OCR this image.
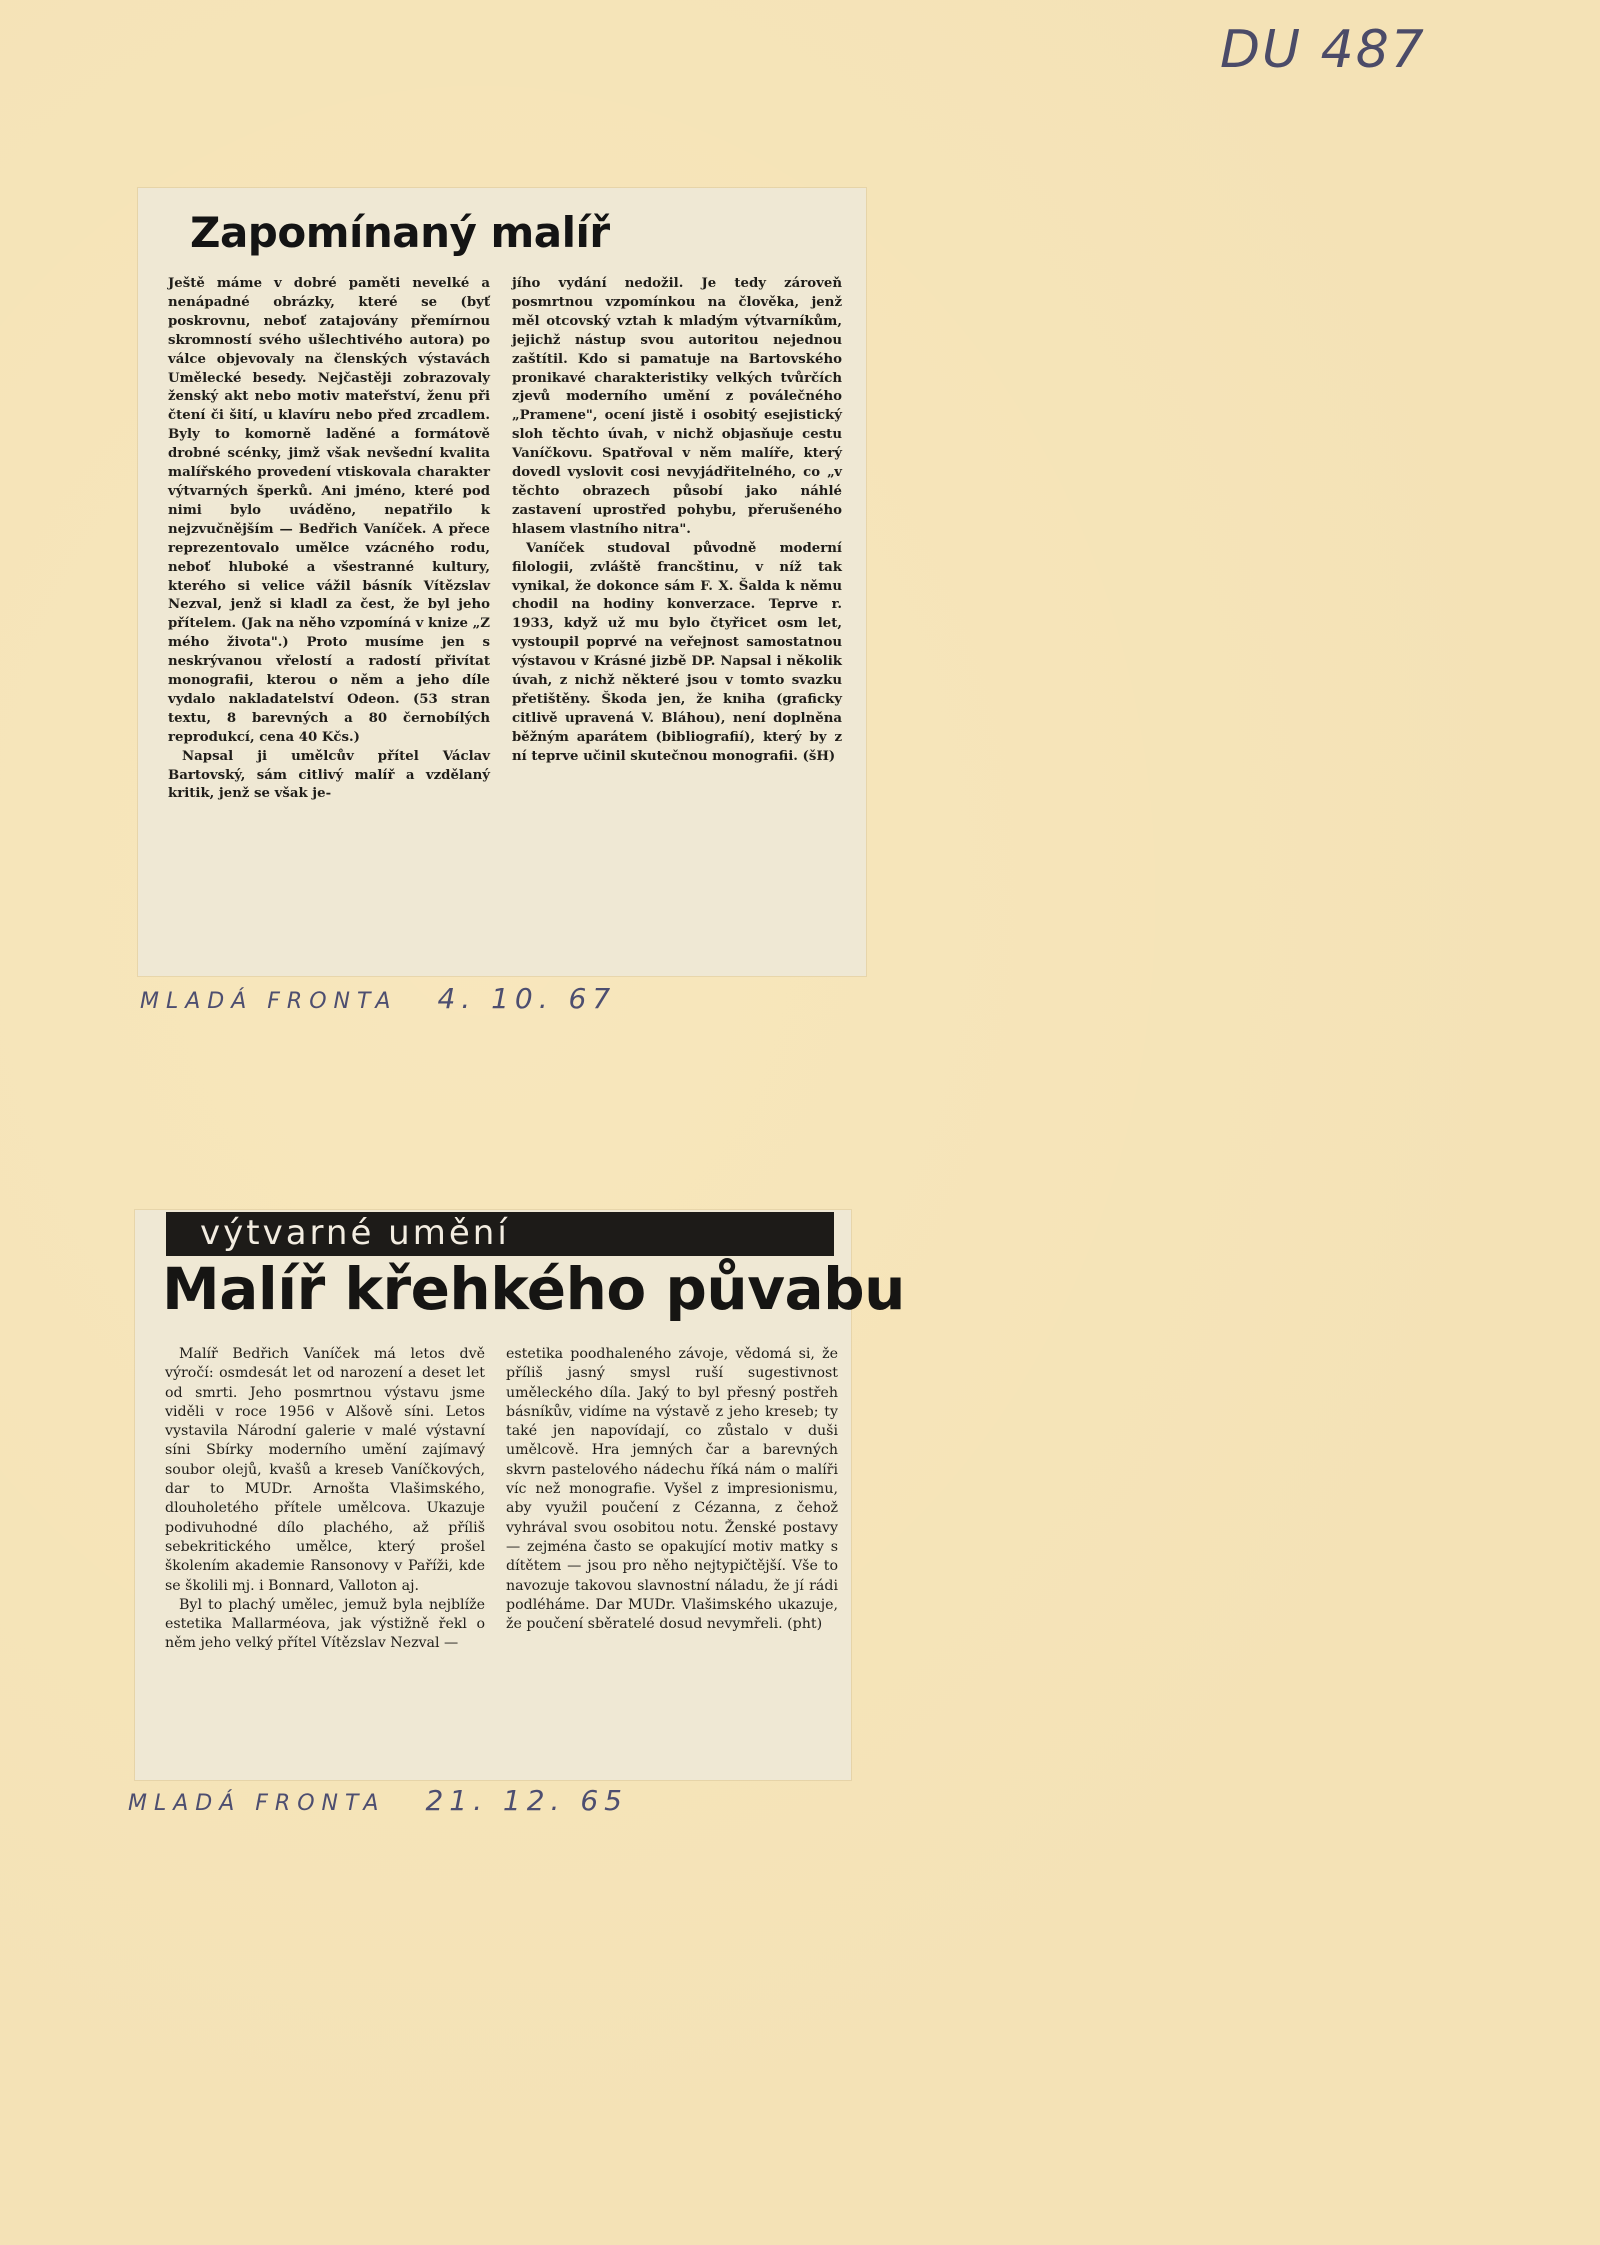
DU 487
Zapomínaný malíř

Ještě máme v dobré paměti nevelké a nenápadné obrázky, které se (byť poskrovnu, neboť zatajovány přemírnou skromností svého ušlechtivého autora) po válce objevovaly na členských výstavách Umělecké besedy. Nejčastěji zobrazovaly ženský akt nebo motiv mateřství, ženu při čtení či šití, u klavíru nebo před zrcadlem. Byly to komorně laděné a formátově drobné scénky, jimž však nevšední kvalita malířského provedení vtiskovala charakter výtvarných šperků. Ani jméno, které pod nimi bylo uváděno, nepatřilo k nejzvučnějším — Bedřich Vaníček. A přece reprezentovalo umělce vzácného rodu, neboť hluboké a všestranné kultury, kterého si velice vážil básník Vítězslav Nezval, jenž si kladl za čest, že byl jeho přítelem. (Jak na něho vzpomíná v knize „Z mého života".) Proto musíme jen s neskrývanou vřelostí a radostí přivítat monografii, kterou o něm a jeho díle vydalo nakladatelství Odeon. (53 stran textu, 8 barevných a 80 černobílých reprodukcí, cena 40 Kčs.)

Napsal ji umělcův přítel Václav Bartovský, sám citlivý malíř a vzdělaný kritik, jenž se však je-

jího vydání nedožil. Je tedy zároveň posmrtnou vzpomínkou na člověka, jenž měl otcovský vztah k mladým výtvarníkům, jejichž nástup svou autoritou nejednou zaštítil. Kdo si pamatuje na Bartovského pronikavé charakteristiky velkých tvůrčích zjevů moderního umění z poválečného „Pramene", ocení jistě i osobitý esejistický sloh těchto úvah, v nichž objasňuje cestu Vaníčkovu. Spatřoval v něm malíře, který dovedl vyslovit cosi nevyjádřitelného, co „v těchto obrazech působí jako náhlé zastavení uprostřed pohybu, přerušeného hlasem vlastního nitra".

Vaníček studoval původně moderní filologii, zvláště francštinu, v níž tak vynikal, že dokonce sám F. X. Šalda k němu chodil na hodiny konverzace. Teprve r. 1933, když už mu bylo čtyřicet osm let, vystoupil poprvé na veřejnost samostatnou výstavou v Krásné jizbě DP. Napsal i několik úvah, z nichž některé jsou v tomto svazku přetištěny. Škoda jen, že kniha (graficky citlivě upravená V. Bláhou), není doplněna běžným aparátem (bibliografií), který by z ní teprve učinil skutečnou monografii. (šH)

MLADÁ FRONTA 4. 10. 67
výtvarné umění
Malíř křehkého půvabu

Malíř Bedřich Vaníček má letos dvě výročí: osmdesát let od narození a deset let od smrti. Jeho posmrtnou výstavu jsme viděli v roce 1956 v Alšově síni. Letos vystavila Národní galerie v malé výstavní síni Sbírky moderního umění zajímavý soubor olejů, kvašů a kreseb Vaníčkových, dar to MUDr. Arnošta Vlašimského, dlouholetého přítele umělcova. Ukazuje podivuhodné dílo plachého, až příliš sebekritického umělce, který prošel školením akademie Ransonovy v Paříži, kde se školili mj. i Bonnard, Valloton aj.

Byl to plachý umělec, jemuž byla nejblíže estetika Mallarméova, jak výstižně řekl o něm jeho velký přítel Vítězslav Nezval —

estetika poodhaleného závoje, vědomá si, že příliš jasný smysl ruší sugestivnost uměleckého díla. Jaký to byl přesný postřeh básníkův, vidíme na výstavě z jeho kreseb; ty také jen napovídají, co zůstalo v duši umělcově. Hra jemných čar a barevných skvrn pastelového nádechu říká nám o malíři víc než monografie. Vyšel z impresionismu, aby využil poučení z Cézanna, z čehož vyhrával svou osobitou notu. Ženské postavy — zejména často se opakující motiv matky s dítětem — jsou pro něho nejtypičtější. Vše to navozuje takovou slavnostní náladu, že jí rádi podléháme. Dar MUDr. Vlašimského ukazuje, že poučení sběratelé dosud nevymřeli. (pht)

MLADÁ FRONTA 21. 12. 65
